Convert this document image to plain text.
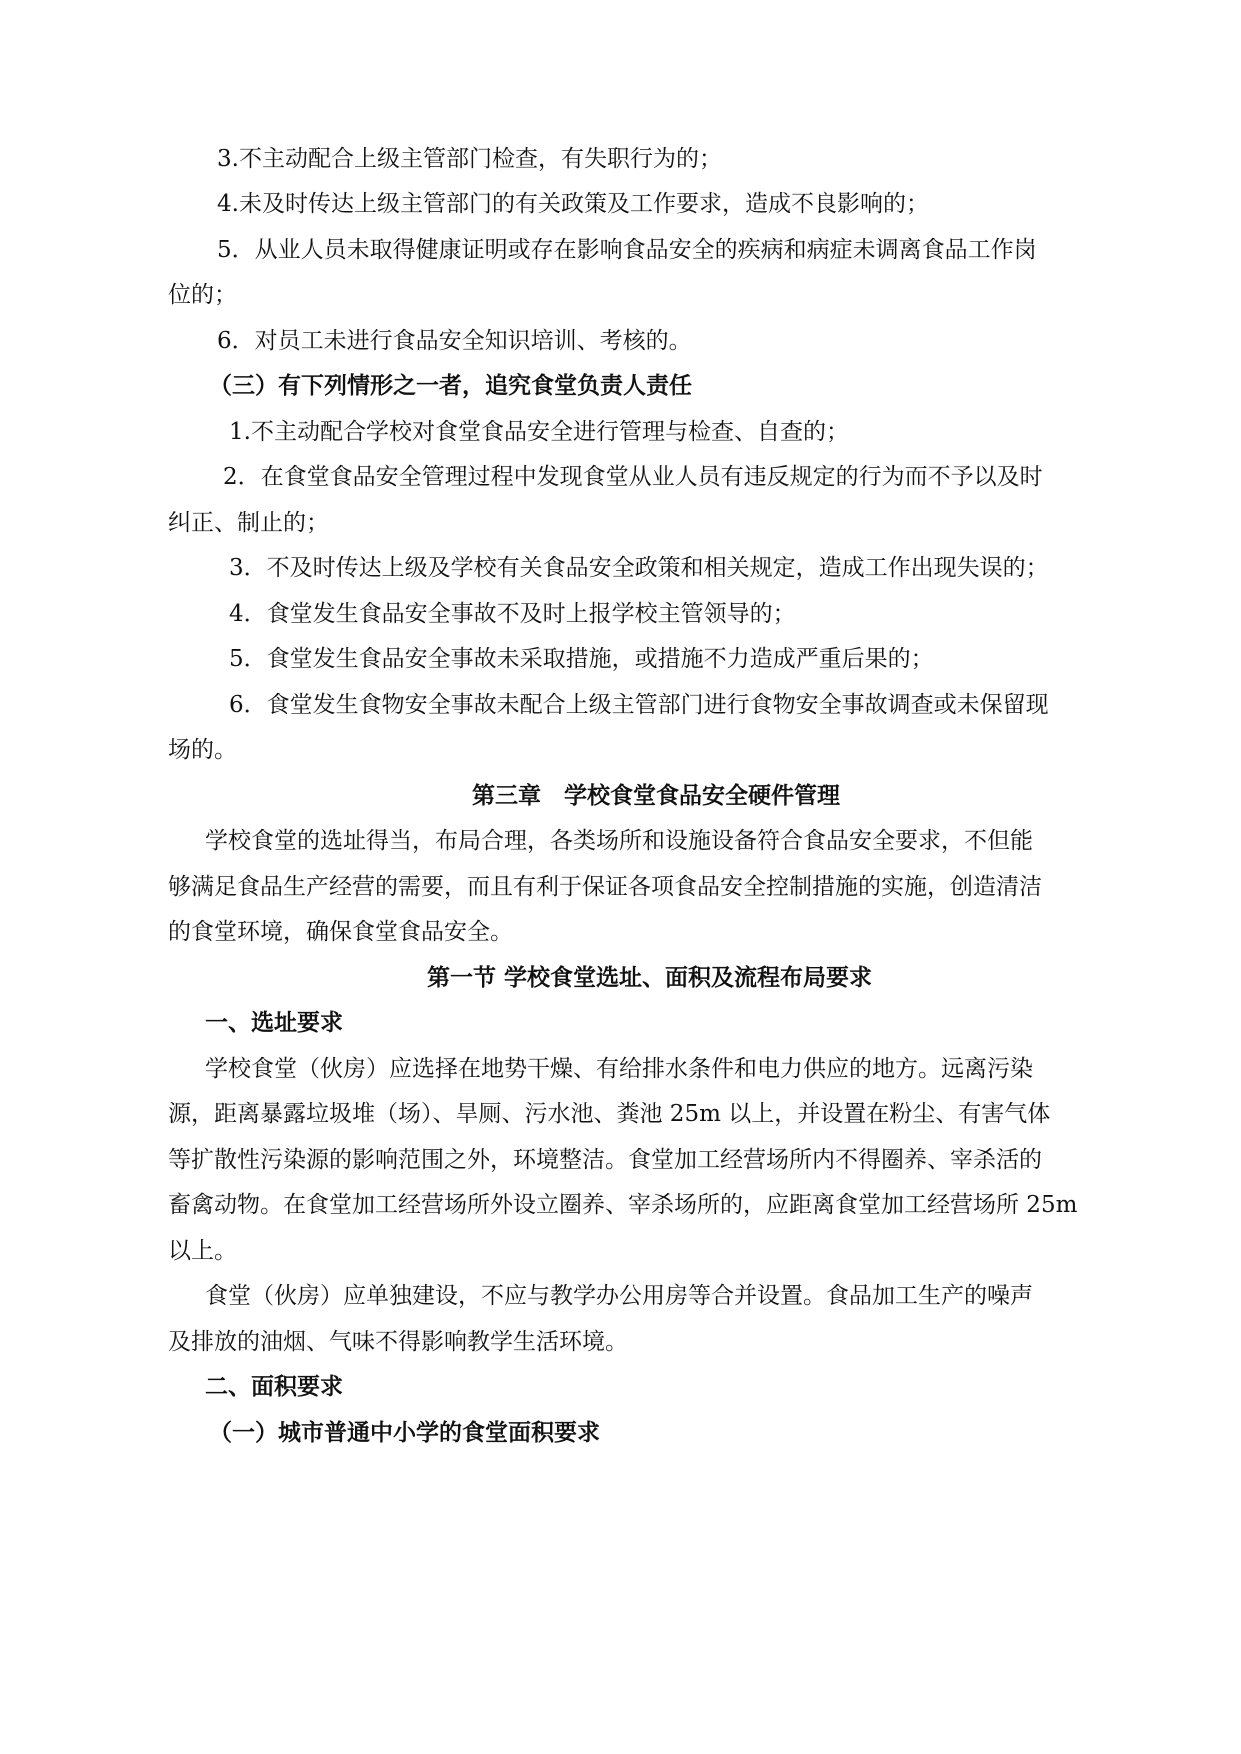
3.不主动配合上级主管部门检查，有失职行为的；

4.未及时传达上级主管部门的有关政策及工作要求，造成不良影响的；

5．从业人员未取得健康证明或存在影响食品安全的疾病和病症未调离食品工作岗

位的；

6．对员工未进行食品安全知识培训、考核的。

（三）有下列情形之一者，追究食堂负责人责任

1.不主动配合学校对食堂食品安全进行管理与检查、自查的；

2．在食堂食品安全管理过程中发现食堂从业人员有违反规定的行为而不予以及时

纠正、制止的；

3．不及时传达上级及学校有关食品安全政策和相关规定，造成工作出现失误的；

4．食堂发生食品安全事故不及时上报学校主管领导的；

5．食堂发生食品安全事故未采取措施，或措施不力造成严重后果的；

6．食堂发生食物安全事故未配合上级主管部门进行食物安全事故调查或未保留现

场的。

第三章　学校食堂食品安全硬件管理

学校食堂的选址得当，布局合理，各类场所和设施设备符合食品安全要求，不但能

够满足食品生产经营的需要，而且有利于保证各项食品安全控制措施的实施，创造清洁

的食堂环境，确保食堂食品安全。

第一节 学校食堂选址、面积及流程布局要求

一、选址要求

学校食堂（伙房）应选择在地势干燥、有给排水条件和电力供应的地方。远离污染

源，距离暴露垃圾堆（场）、旱厕、污水池、粪池 25m 以上，并设置在粉尘、有害气体

等扩散性污染源的影响范围之外，环境整洁。食堂加工经营场所内不得圈养、宰杀活的

畜禽动物。在食堂加工经营场所外设立圈养、宰杀场所的，应距离食堂加工经营场所 25m

以上。

食堂（伙房）应单独建设，不应与教学办公用房等合并设置。食品加工生产的噪声

及排放的油烟、气味不得影响教学生活环境。

二、面积要求

（一）城市普通中小学的食堂面积要求
